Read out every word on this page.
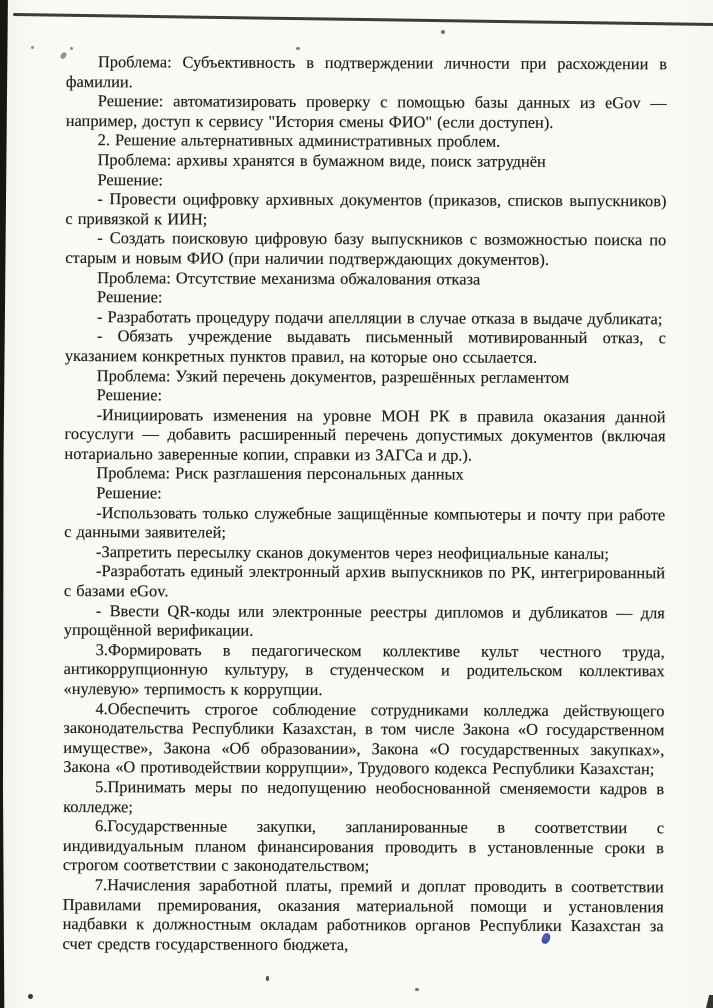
Проблема: Субъективность в подтверждении личности при расхождении в фамилии.

Решение: автоматизировать проверку с помощью базы данных из eGov — например, доступ к сервису "История смены ФИО" (если доступен).

2. Решение альтернативных административных проблем.

Проблема: архивы хранятся в бумажном виде, поиск затруднён

Решение:

- Провести оцифровку архивных документов (приказов, списков выпускников) с привязкой к ИИН;

- Создать поисковую цифровую базу выпускников с возможностью поиска по старым и новым ФИО (при наличии подтверждающих документов).

Проблема: Отсутствие механизма обжалования отказа

Решение:

- Разработать процедуру подачи апелляции в случае отказа в выдаче дубликата;

- Обязать учреждение выдавать письменный мотивированный отказ, с указанием конкретных пунктов правил, на которые оно ссылается.

Проблема: Узкий перечень документов, разрешённых регламентом

Решение:

-Инициировать изменения на уровне МОН РК в правила оказания данной госуслуги — добавить расширенный перечень допустимых документов (включая нотариально заверенные копии, справки из ЗАГСа и др.).

Проблема: Риск разглашения персональных данных

Решение:

-Использовать только служебные защищённые компьютеры и почту при работе с данными заявителей;

-Запретить пересылку сканов документов через неофициальные каналы;

-Разработать единый электронный архив выпускников по РК, интегрированный с базами eGov.

- Ввести QR-коды или электронные реестры дипломов и дубликатов — для упрощённой верификации.

3.Формировать в педагогическом коллективе культ честного труда, антикоррупционную культуру, в студенческом и родительском коллективах «нулевую» терпимость к коррупции.

4.Обеспечить строгое соблюдение сотрудниками колледжа действующего законодательства Республики Казахстан, в том числе Закона «О государственном имуществе», Закона «Об образовании», Закона «О государственных закупках», Закона «О противодействии коррупции», Трудового кодекса Республики Казахстан;

5.Принимать меры по недопущению необоснованной сменяемости кадров в колледже;

6.Государственные закупки, запланированные в соответствии с индивидуальным планом финансирования проводить в установленные сроки в строгом соответствии с законодательством;

7.Начисления заработной платы, премий и доплат проводить в соответствии Правилами премирования, оказания материальной помощи и установления надбавки к должностным окладам работников органов Республики Казахстан за счет средств государственного бюджета,
